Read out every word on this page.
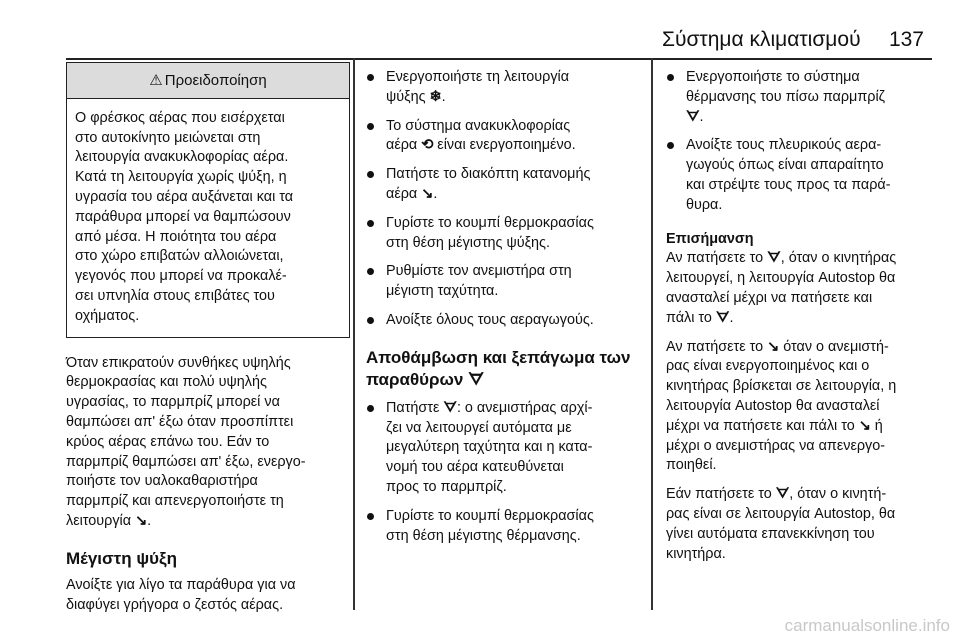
Σύστημα κλιματισμού 137
⚠ Προειδοποίηση
Ο φρέσκος αέρας που εισέρχεται
στο αυτοκίνητο μειώνεται στη
λειτουργία ανακυκλοφορίας αέρα.
Κατά τη λειτουργία χωρίς ψύξη, η
υγρασία του αέρα αυξάνεται και τα
παράθυρα μπορεί να θαμπώσουν
από μέσα. Η ποιότητα του αέρα
στο χώρο επιβατών αλλοιώνεται,
γεγονός που μπορεί να προκαλέ-
σει υπνηλία στους επιβάτες του
οχήματος.
Όταν επικρατούν συνθήκες υψηλής
θερμοκρασίας και πολύ υψηλής
υγρασίας, το παρμπρίζ μπορεί να
θαμπώσει απ' έξω όταν προσπίπτει
κρύος αέρας επάνω του. Εάν το
παρμπρίζ θαμπώσει απ' έξω, ενεργο-
ποιήστε τον υαλοκαθαριστήρα
παρμπρίζ και απενεργοποιήστε τη
λειτουργία ↘.
Μέγιστη ψύξη
Ανοίξτε για λίγο τα παράθυρα για να
διαφύγει γρήγορα ο ζεστός αέρας.
Ενεργοποιήστε τη λειτουργία
ψύξης ❄.
Το σύστημα ανακυκλοφορίας
αέρα ⟲ είναι ενεργοποιημένο.
Πατήστε το διακόπτη κατανομής
αέρα ↘.
Γυρίστε το κουμπί θερμοκρασίας
στη θέση μέγιστης ψύξης.
Ρυθμίστε τον ανεμιστήρα στη
μέγιστη ταχύτητα.
Ανοίξτε όλους τους αεραγωγούς.
Αποθάμβωση και ξεπάγωμα των
παραθύρων ᗊ
Πατήστε ᗊ: ο ανεμιστήρας αρχί-
ζει να λειτουργεί αυτόματα με
μεγαλύτερη ταχύτητα και η κατα-
νομή του αέρα κατευθύνεται
προς το παρμπρίζ.
Γυρίστε το κουμπί θερμοκρασίας
στη θέση μέγιστης θέρμανσης.
Ενεργοποιήστε το σύστημα
θέρμανσης του πίσω παρμπρίζ
ᗊ.
Ανοίξτε τους πλευρικούς αερα-
γωγούς όπως είναι απαραίτητο
και στρέψτε τους προς τα παρά-
θυρα.
Επισήμανση
Αν πατήσετε το ᗊ, όταν ο κινητήρας
λειτουργεί, η λειτουργία Autostop θα
ανασταλεί μέχρι να πατήσετε και
πάλι το ᗊ.
Αν πατήσετε το ↘ όταν ο ανεμιστή-
ρας είναι ενεργοποιημένος και ο
κινητήρας βρίσκεται σε λειτουργία, η
λειτουργία Autostop θα ανασταλεί
μέχρι να πατήσετε και πάλι το ↘ ή
μέχρι ο ανεμιστήρας να απενεργο-
ποιηθεί.
Εάν πατήσετε το ᗊ, όταν ο κινητή-
ρας είναι σε λειτουργία Autostop, θα
γίνει αυτόματα επανεκκίνηση του
κινητήρα.
carmanualsonline.info
